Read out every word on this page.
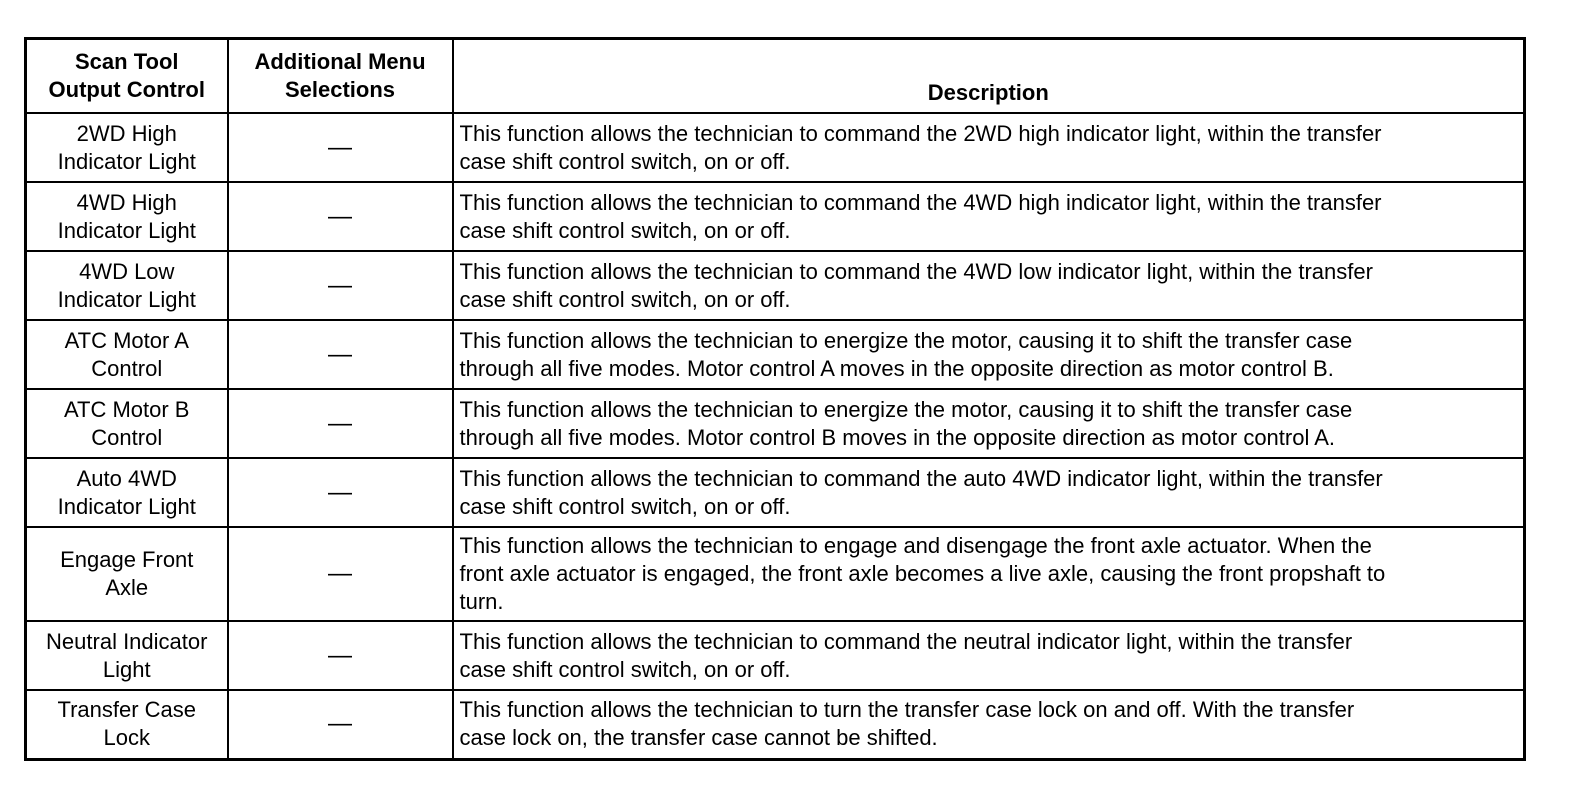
Scan Tool
Output Control	Additional Menu
Selections	Description
2WD High
Indicator Light	—	This function allows the technician to command the 2WD high indicator light, within the transfer
case shift control switch, on or off.
4WD High
Indicator Light	—	This function allows the technician to command the 4WD high indicator light, within the transfer
case shift control switch, on or off.
4WD Low
Indicator Light	—	This function allows the technician to command the 4WD low indicator light, within the transfer
case shift control switch, on or off.
ATC Motor A
Control	—	This function allows the technician to energize the motor, causing it to shift the transfer case
through all five modes. Motor control A moves in the opposite direction as motor control B.
ATC Motor B
Control	—	This function allows the technician to energize the motor, causing it to shift the transfer case
through all five modes. Motor control B moves in the opposite direction as motor control A.
Auto 4WD
Indicator Light	—	This function allows the technician to command the auto 4WD indicator light, within the transfer
case shift control switch, on or off.
Engage Front
Axle	—	This function allows the technician to engage and disengage the front axle actuator. When the
front axle actuator is engaged, the front axle becomes a live axle, causing the front propshaft to
turn.
Neutral Indicator
Light	—	This function allows the technician to command the neutral indicator light, within the transfer
case shift control switch, on or off.
Transfer Case
Lock	—	This function allows the technician to turn the transfer case lock on and off. With the transfer
case lock on, the transfer case cannot be shifted.
